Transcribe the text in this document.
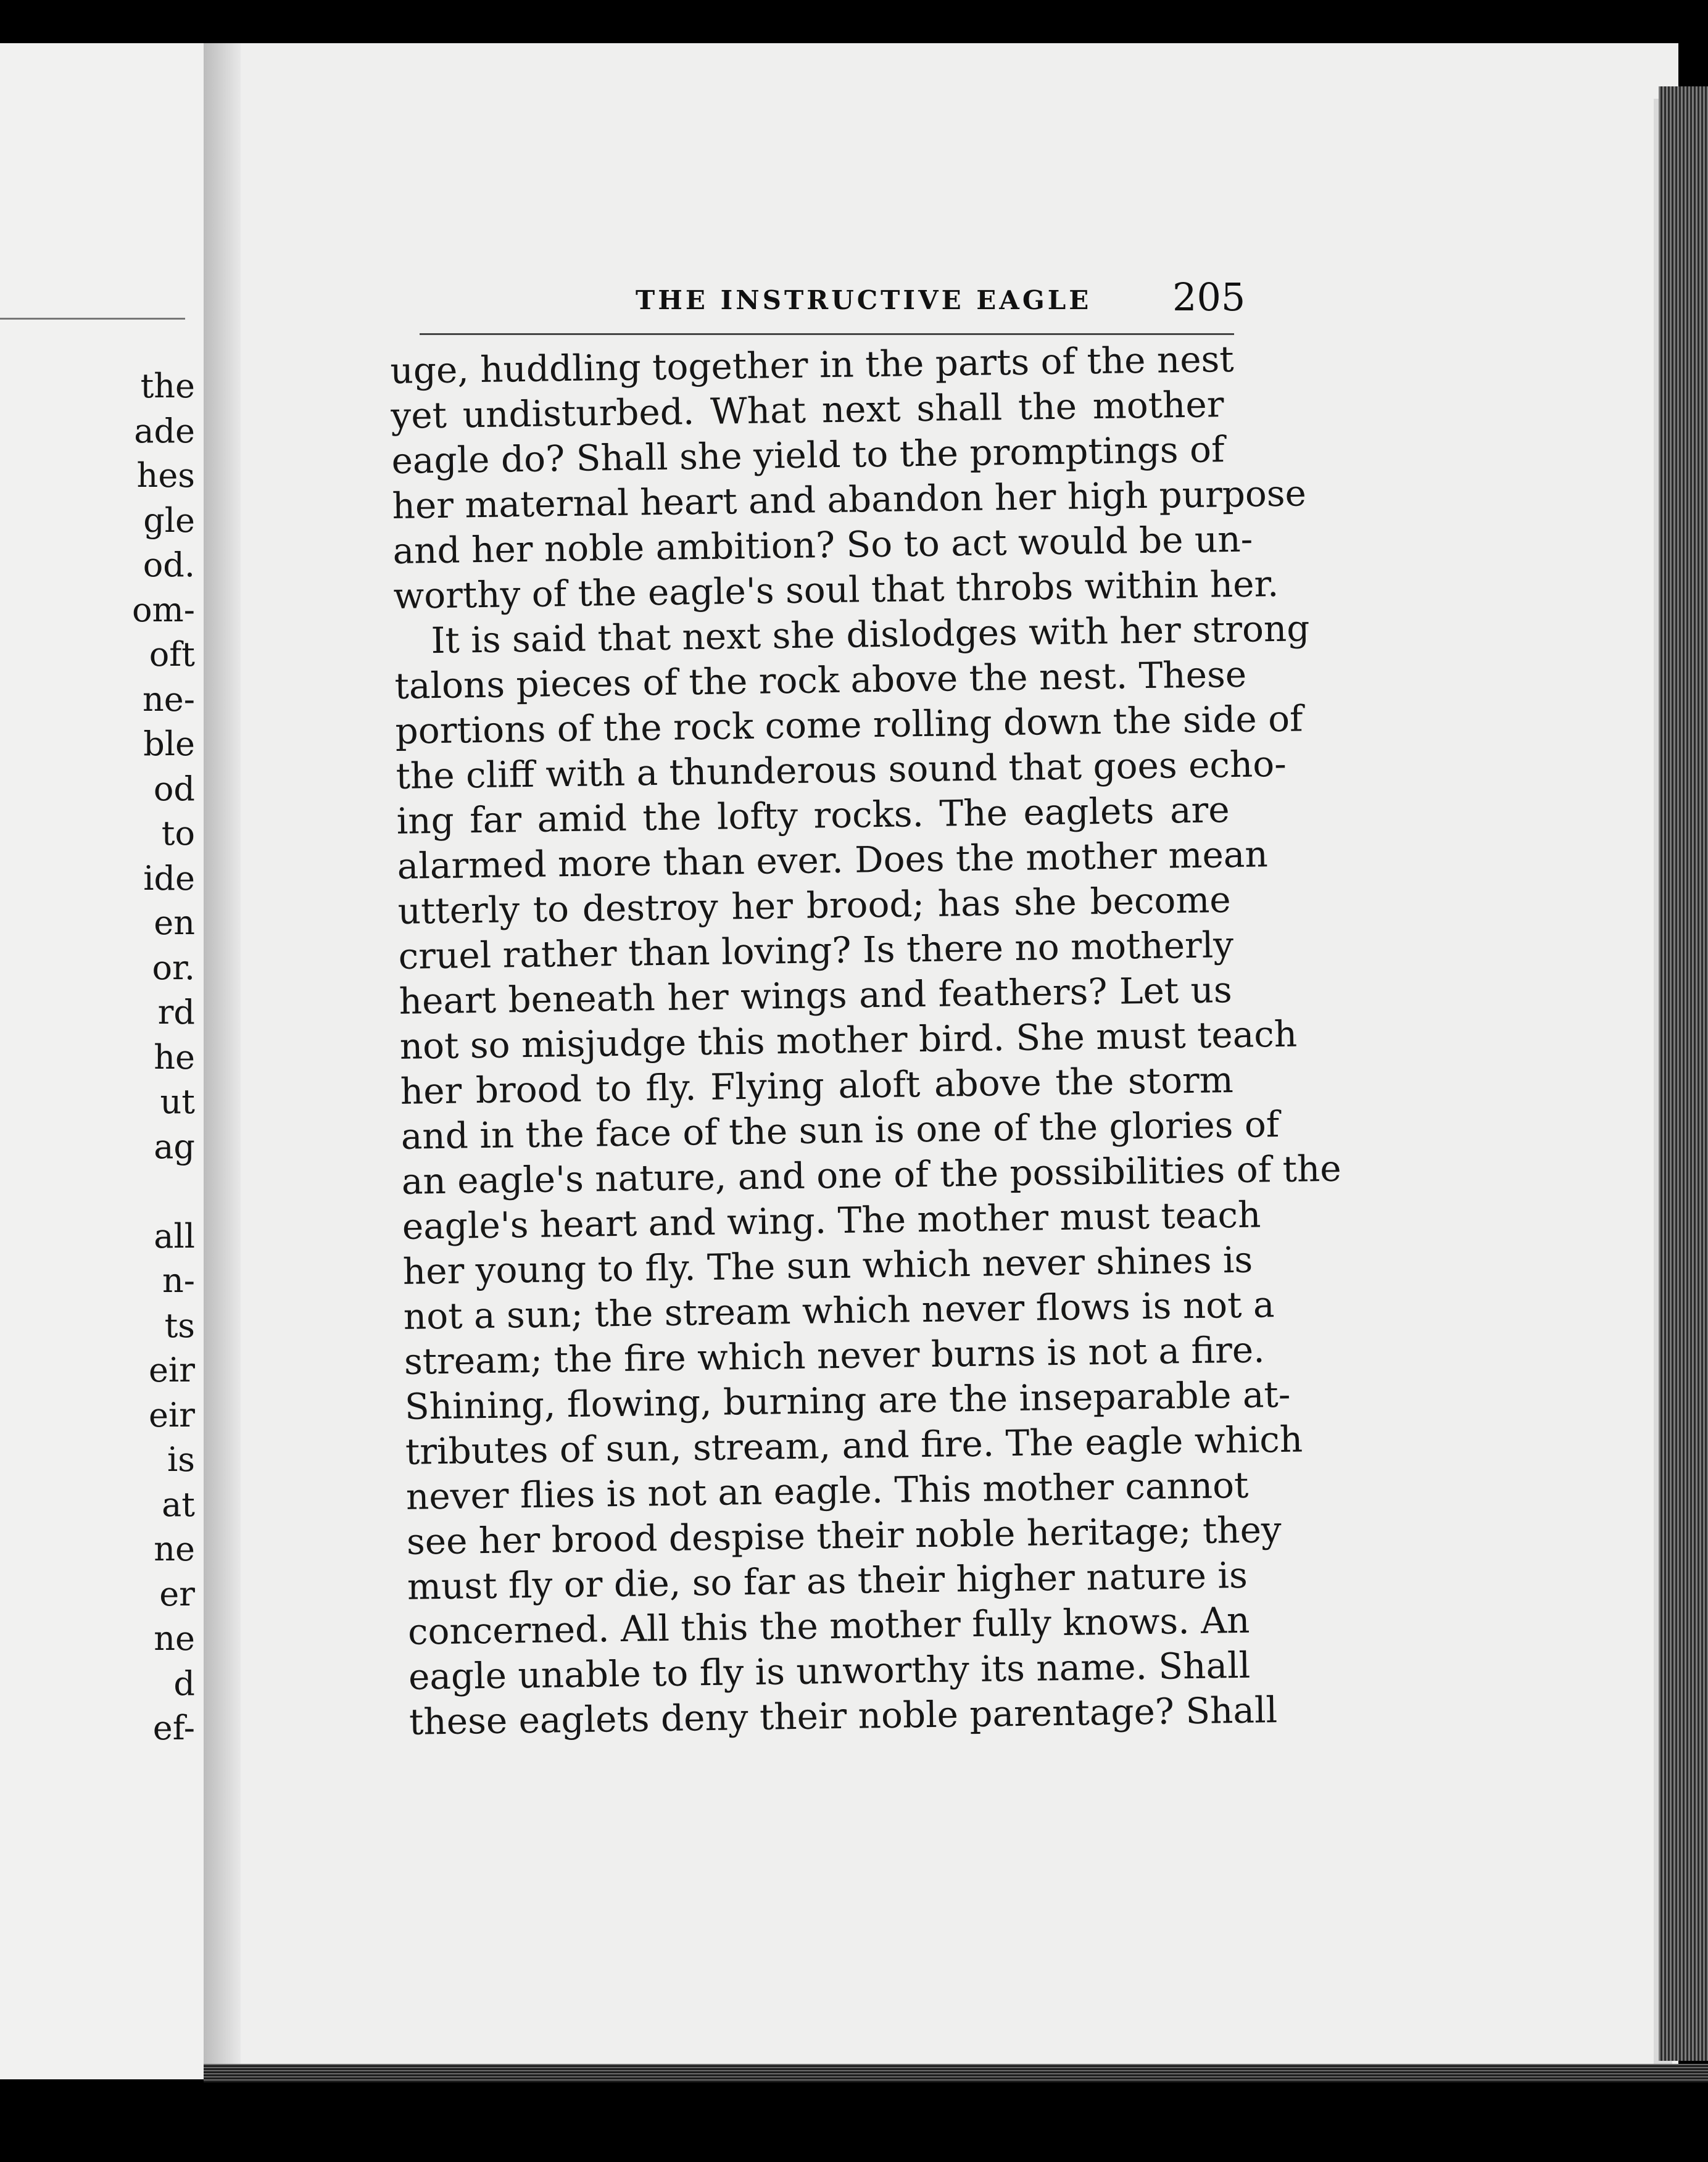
the
ade
hes
gle
od.
om-
oft
ne-
ble
od
to
ide
en
or.
rd
he
ut
ag
all
n-
ts
eir
eir
is
at
ne
er
ne
d
ef-
THE INSTRUCTIVE EAGLE 205
uge, huddling together in the parts of the nest
yet undisturbed. What next shall the mother
eagle do? Shall she yield to the promptings of
her maternal heart and abandon her high purpose
and her noble ambition? So to act would be un-
worthy of the eagle's soul that throbs within her.
It is said that next she dislodges with her strong
talons pieces of the rock above the nest. These
portions of the rock come rolling down the side of
the cliff with a thunderous sound that goes echo-
ing far amid the lofty rocks. The eaglets are
alarmed more than ever. Does the mother mean
utterly to destroy her brood; has she become
cruel rather than loving? Is there no motherly
heart beneath her wings and feathers? Let us
not so misjudge this mother bird. She must teach
her brood to fly. Flying aloft above the storm
and in the face of the sun is one of the glories of
an eagle's nature, and one of the possibilities of the
eagle's heart and wing. The mother must teach
her young to fly. The sun which never shines is
not a sun; the stream which never flows is not a
stream; the fire which never burns is not a fire.
Shining, flowing, burning are the inseparable at-
tributes of sun, stream, and fire. The eagle which
never flies is not an eagle. This mother cannot
see her brood despise their noble heritage; they
must fly or die, so far as their higher nature is
concerned. All this the mother fully knows. An
eagle unable to fly is unworthy its name. Shall
these eaglets deny their noble parentage? Shall
